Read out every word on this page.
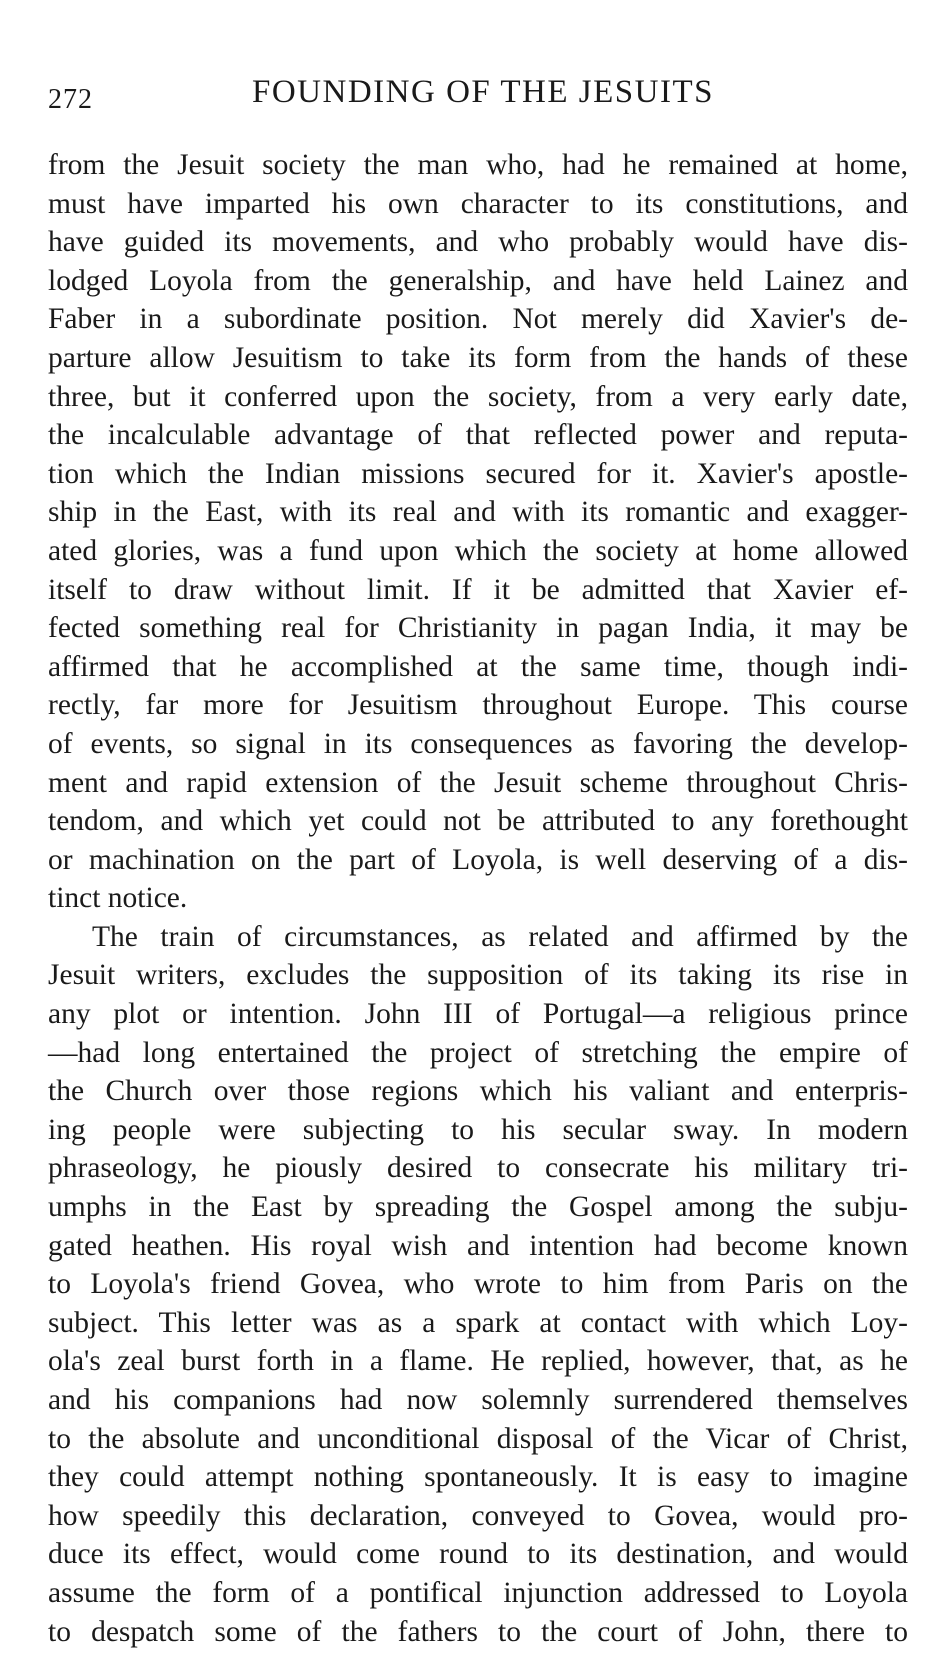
272	FOUNDING OF THE JESUITS
from the Jesuit society the man who, had he remained at home,
must have imparted his own character to its constitutions, and
have guided its movements, and who probably would have dis-
lodged Loyola from the generalship, and have held Lainez and
Faber in a subordinate position. Not merely did Xavier's de-
parture allow Jesuitism to take its form from the hands of these
three, but it conferred upon the society, from a very early date,
the incalculable advantage of that reflected power and reputa-
tion which the Indian missions secured for it. Xavier's apostle-
ship in the East, with its real and with its romantic and exagger-
ated glories, was a fund upon which the society at home allowed
itself to draw without limit. If it be admitted that Xavier ef-
fected something real for Christianity in pagan India, it may be
affirmed that he accomplished at the same time, though indi-
rectly, far more for Jesuitism throughout Europe. This course
of events, so signal in its consequences as favoring the develop-
ment and rapid extension of the Jesuit scheme throughout Chris-
tendom, and which yet could not be attributed to any forethought
or machination on the part of Loyola, is well deserving of a dis-
tinct notice.
The train of circumstances, as related and affirmed by the
Jesuit writers, excludes the supposition of its taking its rise in
any plot or intention. John III of Portugal—a religious prince
—had long entertained the project of stretching the empire of
the Church over those regions which his valiant and enterpris-
ing people were subjecting to his secular sway. In modern
phraseology, he piously desired to consecrate his military tri-
umphs in the East by spreading the Gospel among the subju-
gated heathen. His royal wish and intention had become known
to Loyola's friend Govea, who wrote to him from Paris on the
subject. This letter was as a spark at contact with which Loy-
ola's zeal burst forth in a flame. He replied, however, that, as he
and his companions had now solemnly surrendered themselves
to the absolute and unconditional disposal of the Vicar of Christ,
they could attempt nothing spontaneously. It is easy to imagine
how speedily this declaration, conveyed to Govea, would pro-
duce its effect, would come round to its destination, and would
assume the form of a pontifical injunction addressed to Loyola
to despatch some of the fathers to the court of John, there to
